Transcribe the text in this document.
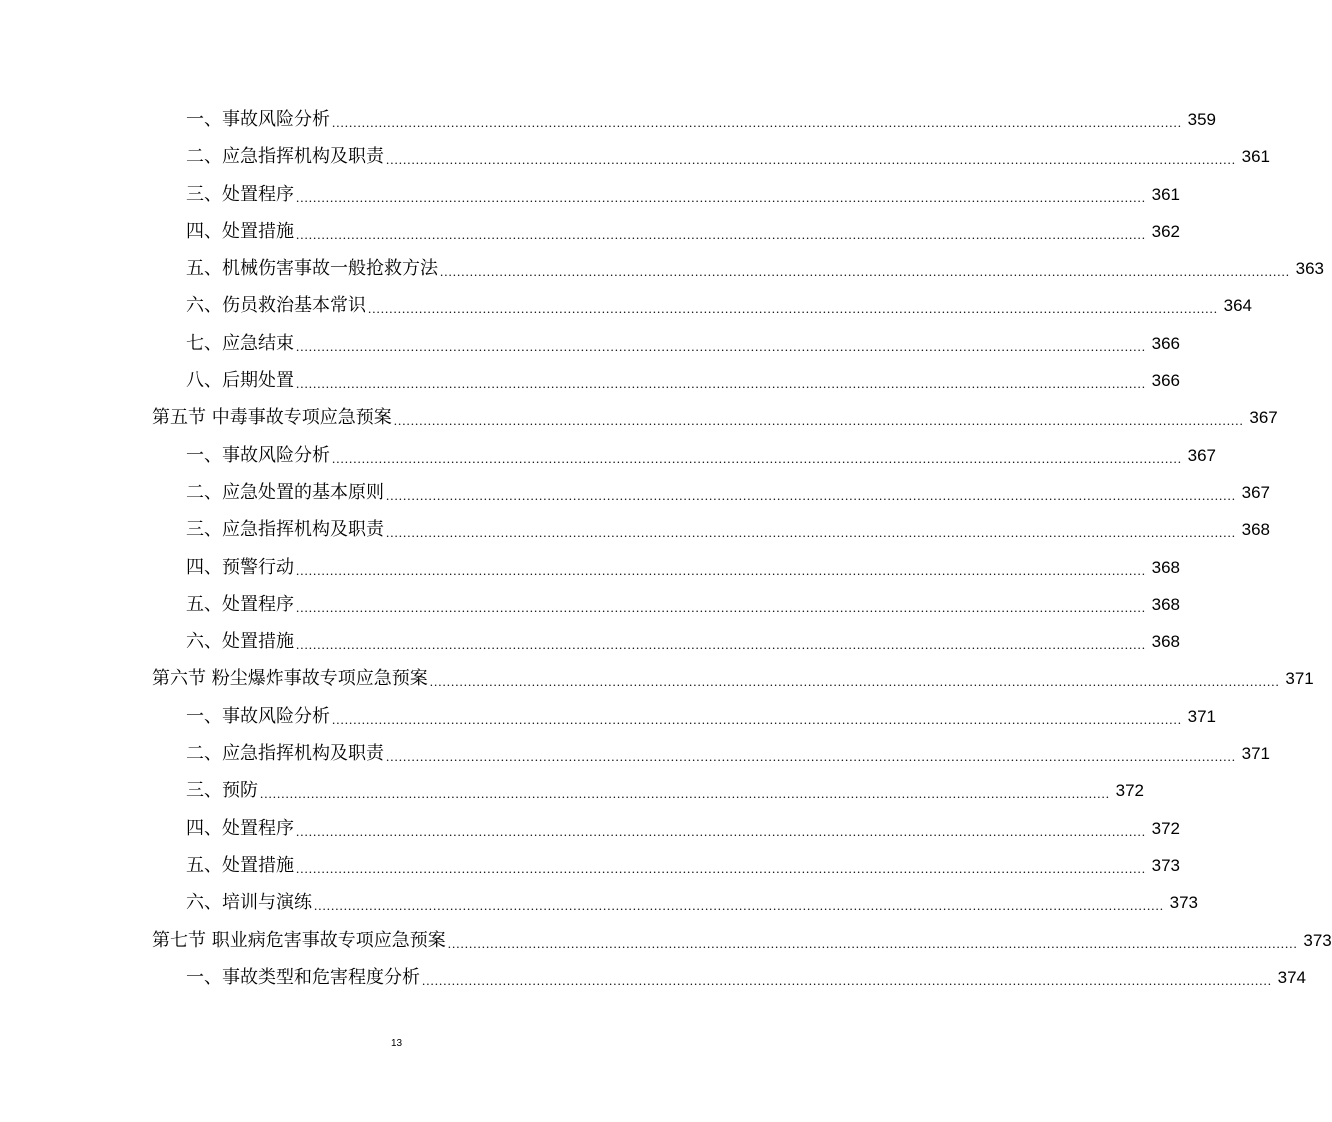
一、 事故风险分析 ........................................................................................................................................................................................................ 359
二、 应急指挥机构及职责 ........................................................................................................................................................................................................ 361
三、 处置程序 ........................................................................................................................................................................................................ 361
四、 处置措施 ........................................................................................................................................................................................................ 362
五、 机械伤害事故一般抢救方法 ........................................................................................................................................................................................................ 363
六、 伤员救治基本常识 ........................................................................................................................................................................................................ 364
七、 应急结束 ........................................................................................................................................................................................................ 366
八、 后期处置 ........................................................................................................................................................................................................ 366
第五节 中毒事故专项应急预案 ........................................................................................................................................................................................................ 367
一、 事故风险分析 ........................................................................................................................................................................................................ 367
二、 应急处置的基本原则 ........................................................................................................................................................................................................ 367
三、 应急指挥机构及职责 ........................................................................................................................................................................................................ 368
四、 预警行动 ........................................................................................................................................................................................................ 368
五、 处置程序 ........................................................................................................................................................................................................ 368
六、 处置措施 ........................................................................................................................................................................................................ 368
第六节 粉尘爆炸事故专项应急预案 ........................................................................................................................................................................................................ 371
一、 事故风险分析 ........................................................................................................................................................................................................ 371
二、 应急指挥机构及职责 ........................................................................................................................................................................................................ 371
三、 预防 ........................................................................................................................................................................................................ 372
四、 处置程序 ........................................................................................................................................................................................................ 372
五、 处置措施 ........................................................................................................................................................................................................ 373
六、 培训与演练 ........................................................................................................................................................................................................ 373
第七节 职业病危害事故专项应急预案 ........................................................................................................................................................................................................ 373
一、 事故类型和危害程度分析 ........................................................................................................................................................................................................ 374
13
